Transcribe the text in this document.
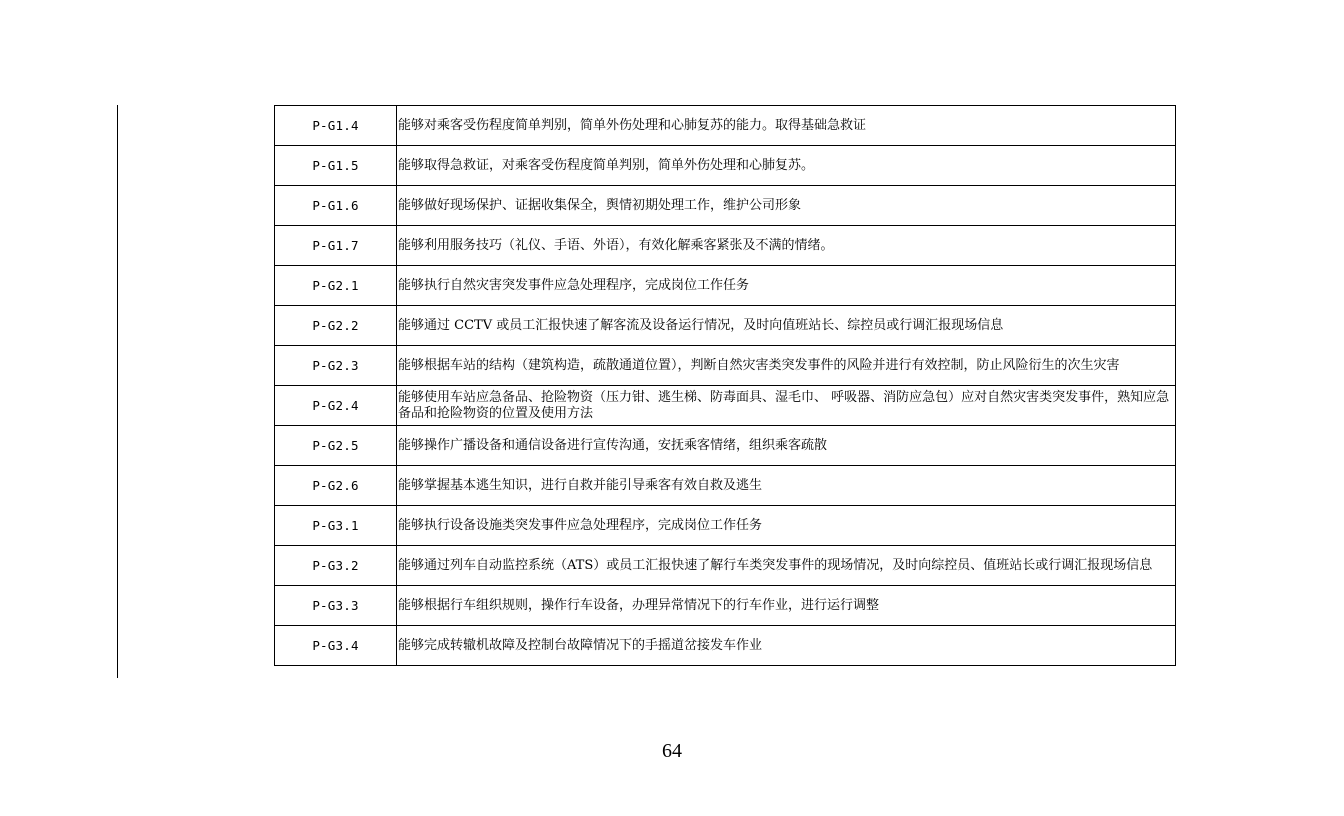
P-G1.4	能够对乘客受伤程度简单判别，简单外伤处理和心肺复苏的能力。取得基础急救证
P-G1.5	能够取得急救证，对乘客受伤程度简单判别，简单外伤处理和心肺复苏。
P-G1.6	能够做好现场保护、证据收集保全，舆情初期处理工作，维护公司形象
P-G1.7	能够利用服务技巧（礼仪、手语、外语），有效化解乘客紧张及不满的情绪。
P-G2.1	能够执行自然灾害突发事件应急处理程序，完成岗位工作任务
P-G2.2	能够通过 CCTV 或员工汇报快速了解客流及设备运行情况，及时向值班站长、综控员或行调汇报现场信息
P-G2.3	能够根据车站的结构（建筑构造，疏散通道位置），判断自然灾害类突发事件的风险并进行有效控制，防止风险衍生的次生灾害
P-G2.4	能够使用车站应急备品、抢险物资（压力钳、逃生梯、防毒面具、湿毛巾、 呼吸器、消防应急包）应对自然灾害类突发事件，熟知应急备品和抢险物资的位置及使用方法
P-G2.5	能够操作广播设备和通信设备进行宣传沟通，安抚乘客情绪，组织乘客疏散
P-G2.6	能够掌握基本逃生知识，进行自救并能引导乘客有效自救及逃生
P-G3.1	能够执行设备设施类突发事件应急处理程序，完成岗位工作任务
P-G3.2	能够通过列车自动监控系统（ATS）或员工汇报快速了解行车类突发事件的现场情况，及时向综控员、值班站长或行调汇报现场信息
P-G3.3	能够根据行车组织规则，操作行车设备，办理异常情况下的行车作业，进行运行调整
P-G3.4	能够完成转辙机故障及控制台故障情况下的手摇道岔接发车作业
64
